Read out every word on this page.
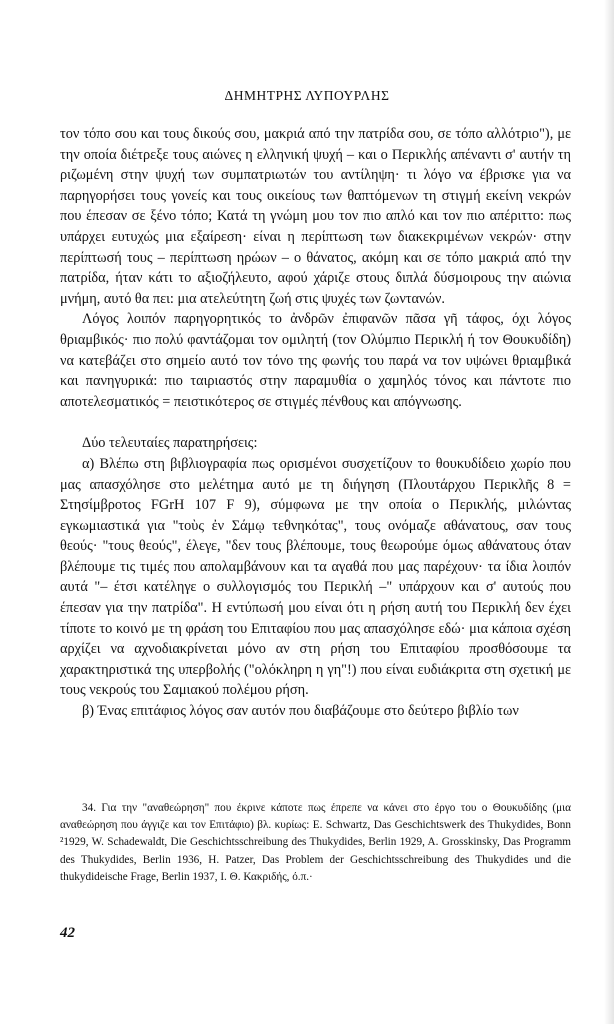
ΔΗΜΗΤΡΗΣ ΛΥΠΟΥΡΛΗΣ

τον τόπο σου και τους δικούς σου, μακριά από την πατρίδα σου, σε τόπο αλλότριο"), με την οποία διέτρεξε τους αιώνες η ελληνική ψυχή – και ο Περικλής απέναντι σ' αυτήν τη ριζωμένη στην ψυχή των συμπατριωτών του αντίληψη· τι λόγο να έβρισκε για να παρηγορήσει τους γονείς και τους οικείους των θαπτόμενων τη στιγμή εκείνη νεκρών που έπεσαν σε ξένο τόπο; Κατά τη γνώμη μου τον πιο απλό και τον πιο απέριττο: πως υπάρχει ευτυχώς μια εξαίρεση· είναι η περίπτωση των διακεκριμένων νεκρών· στην περίπτωσή τους – περίπτωση ηρώων – ο θάνατος, ακόμη και σε τόπο μακριά από την πατρίδα, ήταν κάτι το αξιοζήλευτο, αφού χάριζε στους διπλά δύσμοιρους την αιώνια μνήμη, αυτό θα πει: μια ατελεύτητη ζωή στις ψυχές των ζωντανών.

Λόγος λοιπόν παρηγορητικός το ἀνδρῶν ἐπιφανῶν πᾶσα γῆ τάφος, όχι λόγος θριαμβικός· πιο πολύ φαντάζομαι τον ομιλητή (τον Ολύμπιο Περικλή ή τον Θουκυδίδη) να κατεβάζει στο σημείο αυτό τον τόνο της φωνής του παρά να τον υψώνει θριαμβικά και πανηγυρικά: πιο ταιριαστός στην παραμυθία ο χαμηλός τόνος και πάντοτε πιο αποτελεσματικός = πειστικότερος σε στιγμές πένθους και απόγνωσης.

Δύο τελευταίες παρατηρήσεις:

α) Βλέπω στη βιβλιογραφία πως ορισμένοι συσχετίζουν το θουκυδίδειο χωρίο που μας απασχόλησε στο μελέτημα αυτό με τη διήγηση (Πλουτάρχου Περικλῆς 8 = Στησίμβροτος FGrH 107 F 9), σύμφωνα με την οποία ο Περικλής, μιλώντας εγκωμιαστικά για "τοὺς ἐν Σάμῳ τεθνηκότας", τους ονόμαζε αθάνατους, σαν τους θεούς· "τους θεούς", έλεγε, "δεν τους βλέπουμε, τους θεωρούμε όμως αθάνατους όταν βλέπουμε τις τιμές που απολαμβάνουν και τα αγαθά που μας παρέχουν· τα ίδια λοιπόν αυτά "– έτσι κατέληγε ο συλλογισμός του Περικλή –" υπάρχουν και σ' αυτούς που έπεσαν για την πατρίδα". Η εντύπωσή μου είναι ότι η ρήση αυτή του Περικλή δεν έχει τίποτε το κοινό με τη φράση του Επιταφίου που μας απασχόλησε εδώ· μια κάποια σχέση αρχίζει να αχνοδιακρίνεται μόνο αν στη ρήση του Επιταφίου προσθόσουμε τα χαρακτηριστικά της υπερβολής ("ολόκληρη η γη"!) που είναι ευδιάκριτα στη σχετική με τους νεκρούς του Σαμιακού πολέμου ρήση.

β) Ένας επιτάφιος λόγος σαν αυτόν που διαβάζουμε στο δεύτερο βιβλίο των

34. Για την "αναθεώρηση" που έκρινε κάποτε πως έπρεπε να κάνει στο έργο του ο Θουκυδίδης (μια αναθεώρηση που άγγιζε και τον Επιτάφιο) βλ. κυρίως: E. Schwartz, Das Geschichtswerk des Thukydides, Bonn ²1929, W. Schadewaldt, Die Geschichtsschreibung des Thukydides, Berlin 1929, A. Grosskinsky, Das Programm des Thukydides, Berlin 1936, H. Patzer, Das Problem der Geschichtsschreibung des Thukydides und die thukydideische Frage, Berlin 1937, Ι. Θ. Κακριδής, ό.π.·
42
